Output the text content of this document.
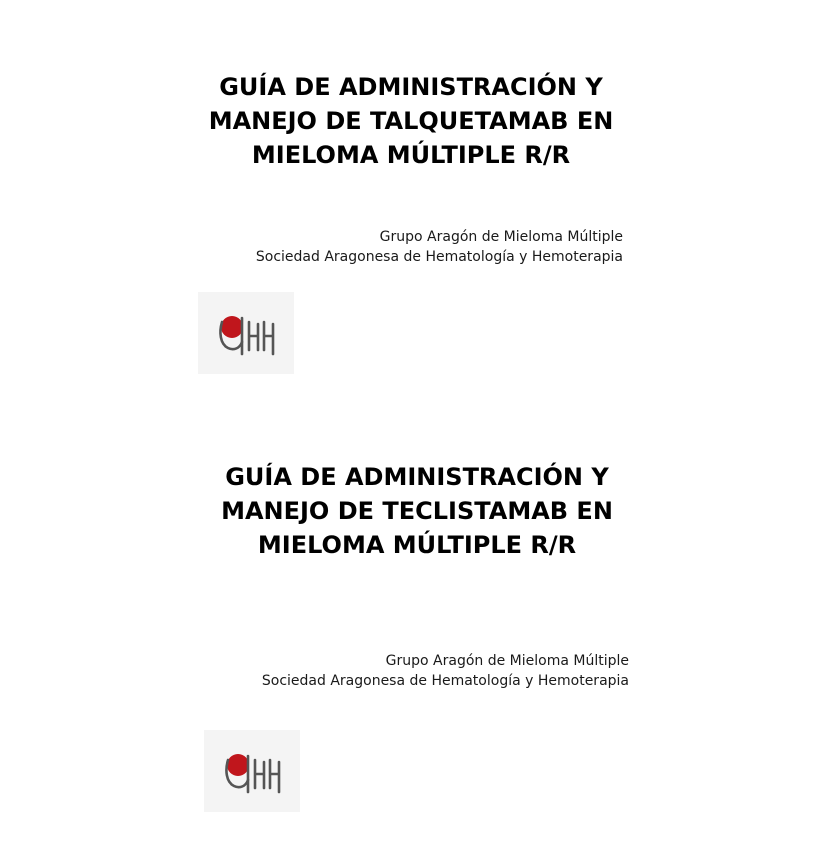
GUÍA DE ADMINISTRACIÓN Y
MANEJO DE TALQUETAMAB EN
MIELOMA MÚLTIPLE R/R
Grupo Aragón de Mieloma Múltiple
Sociedad Aragonesa de Hematología y Hemoterapia
GUÍA DE ADMINISTRACIÓN Y
MANEJO DE TECLISTAMAB EN
MIELOMA MÚLTIPLE R/R
Grupo Aragón de Mieloma Múltiple
Sociedad Aragonesa de Hematología y Hemoterapia
